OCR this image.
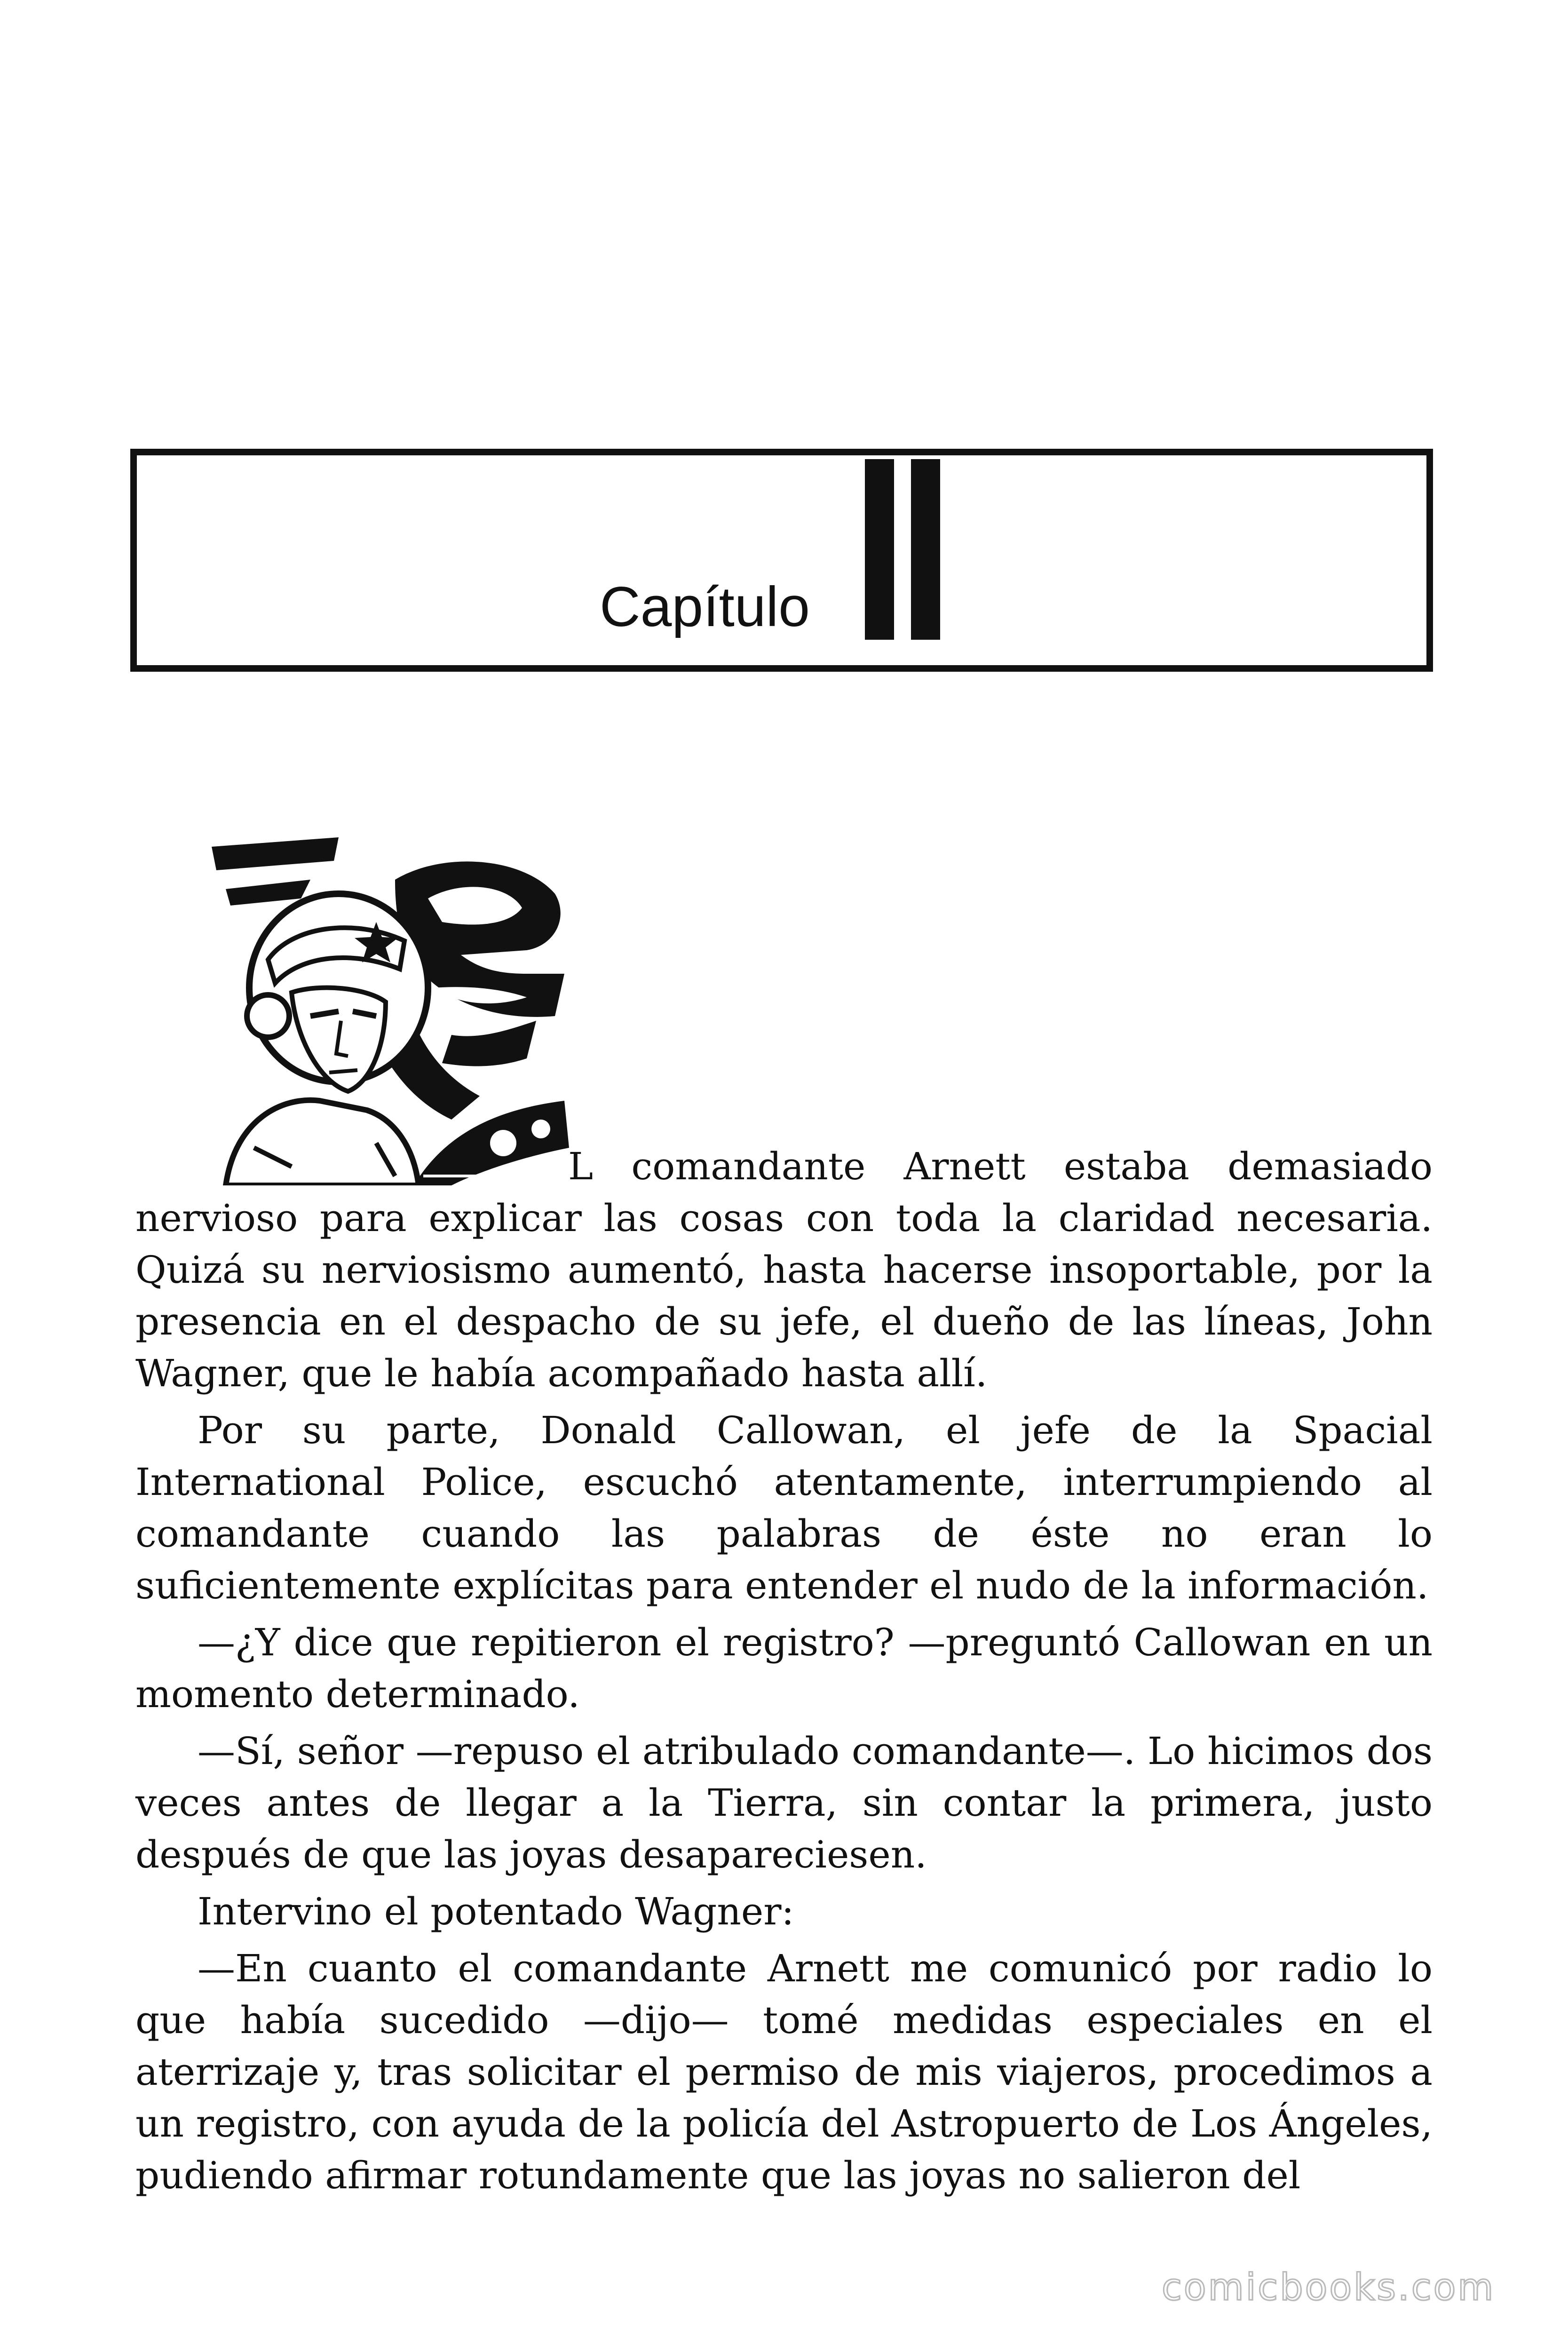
Capítulo

L comandante Arnett estaba demasiado nervioso para explicar las cosas con toda la claridad necesaria. Quizá su nerviosismo aumentó, hasta hacerse insoportable, por la presencia en el despacho de su jefe, el dueño de las líneas, John Wagner, que le había acompañado hasta allí.

Por su parte, Donald Callowan, el jefe de la Spacial International Police, escuchó atentamente, interrumpiendo al comandante cuando las palabras de éste no eran lo suficientemente explícitas para entender el nudo de la información.

—¿Y dice que repitieron el registro? —preguntó Callowan en un momento determinado.

—Sí, señor —repuso el atribulado comandante—. Lo hicimos dos veces antes de llegar a la Tierra, sin contar la primera, justo después de que las joyas desapareciesen.

Intervino el potentado Wagner:

—En cuanto el comandante Arnett me comunicó por radio lo que había sucedido —dijo— tomé medidas especiales en el aterrizaje y, tras solicitar el permiso de mis viajeros, procedimos a un registro, con ayuda de la policía del Astropuerto de Los Ángeles, pudiendo afirmar rotundamente que las joyas no salieron del

comicbooks.com
